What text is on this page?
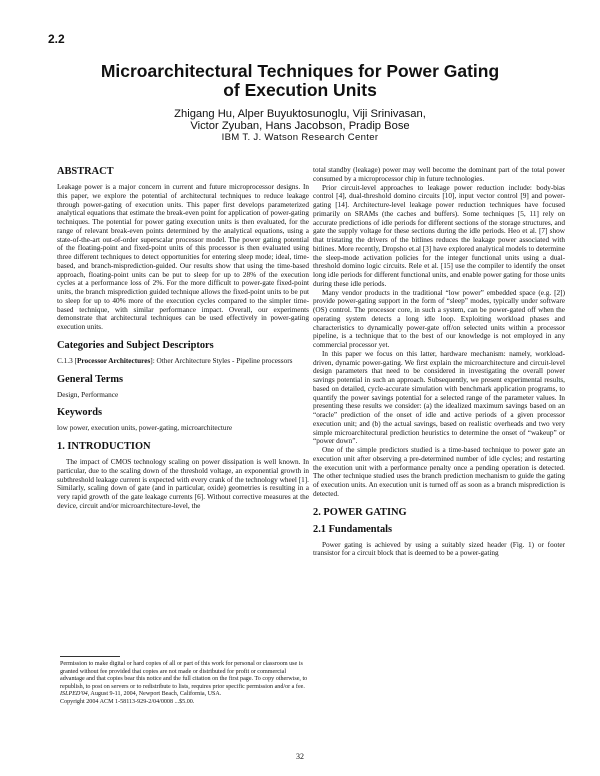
2.2
Microarchitectural Techniques for Power Gating
of Execution Units
Zhigang Hu, Alper Buyuktosunoglu, Viji Srinivasan,
Victor Zyuban, Hans Jacobson, Pradip Bose
IBM T. J. Watson Research Center
ABSTRACT

Leakage power is a major concern in current and future microprocessor designs. In this paper, we explore the potential of architectural techniques to reduce leakage through power-gating of execution units. This paper first develops parameterized analytical equations that estimate the break-even point for application of power-gating techniques. The potential for power gating execution units is then evaluated, for the range of relevant break-even points determined by the analytical equations, using a state-of-the-art out-of-order superscalar processor model. The power gating potential of the floating-point and fixed-point units of this processor is then evaluated using three different techniques to detect opportunities for entering sleep mode; ideal, time-based, and branch-misprediction-guided. Our results show that using the time-based approach, floating-point units can be put to sleep for up to 28% of the execution cycles at a performance loss of 2%. For the more difficult to power-gate fixed-point units, the branch misprediction guided technique allows the fixed-point units to be put to sleep for up to 40% more of the execution cycles compared to the simpler time-based technique, with similar performance impact. Overall, our experiments demonstrate that architectural techniques can be used effectively in power-gating execution units.

Categories and Subject Descriptors

C.1.3 [Processor Architectures]: Other Architecture Styles - Pipeline processors

General Terms

Design, Performance

Keywords

low power, execution units, power-gating, microarchitecture

1. INTRODUCTION

The impact of CMOS technology scaling on power dissipation is well known. In particular, due to the scaling down of the threshold voltage, an exponential growth in subthreshold leakage current is expected with every crank of the technology wheel [1]. Similarly, scaling down of gate (and in particular, oxide) geometries is resulting in a very rapid growth of the gate leakage currents [6]. Without corrective measures at the device, circuit and/or microarchitecture-level, the

Permission to make digital or hard copies of all or part of this work for personal or classroom use is granted without fee provided that copies are not made or distributed for profit or commercial advantage and that copies bear this notice and the full citation on the first page. To copy otherwise, to republish, to post on servers or to redistribute to lists, requires prior specific permission and/or a fee.

ISLPED'04, August 9-11, 2004, Newport Beach, California, USA.

Copyright 2004 ACM 1-58113-929-2/04/0008 ...$5.00.

total standby (leakage) power may well become the dominant part of the total power consumed by a microprocessor chip in future technologies.

Prior circuit-level approaches to leakage power reduction include: body-bias control [4], dual-threshold domino circuits [10], input vector control [9] and power-gating [14]. Architecture-level leakage power reduction techniques have focused primarily on SRAMs (the caches and buffers). Some techniques [5, 11] rely on accurate predictions of idle periods for different sections of the storage structures, and gate the supply voltage for these sections during the idle periods. Heo et al. [7] show that tristating the drivers of the bitlines reduces the leakage power associated with bitlines. More recently, Dropsho et.al [3] have explored analytical models to determine the sleep-mode activation policies for the integer functional units using a dual-threshold domino logic circuits. Rele et al. [15] use the compiler to identify the onset long idle periods for different functional units, and enable power gating for those units during these idle periods.

Many vendor products in the traditional “low power” embedded space (e.g. [2]) provide power-gating support in the form of “sleep” modes, typically under software (OS) control. The processor core, in such a system, can be power-gated off when the operating system detects a long idle loop. Exploiting workload phases and characteristics to dynamically power-gate off/on selected units within a processor pipeline, is a technique that to the best of our knowledge is not employed in any commercial processor yet.

In this paper we focus on this latter, hardware mechanism: namely, workload-driven, dynamic power-gating. We first explain the microarchitecture and circuit-level design parameters that need to be considered in investigating the overall power savings potential in such an approach. Subsequently, we present experimental results, based on detailed, cycle-accurate simulation with benchmark application programs, to quantify the power savings potential for a selected range of the parameter values. In presenting these results we consider: (a) the idealized maximum savings based on an “oracle” prediction of the onset of idle and active periods of a given processor execution unit; and (b) the actual savings, based on realistic overheads and two very simple microarchitectural prediction heuristics to determine the onset of “wakeup” or “power down”.

One of the simple predictors studied is a time-based technique to power gate an execution unit after observing a pre-determined number of idle cycles; and restarting the execution unit with a performance penalty once a pending operation is detected. The other technique studied uses the branch prediction mechanism to guide the gating of execution units. An execution unit is turned off as soon as a branch misprediction is detected.

2. POWER GATING
2.1 Fundamentals

Power gating is achieved by using a suitably sized header (Fig. 1) or footer transistor for a circuit block that is deemed to be a power-gating

32
